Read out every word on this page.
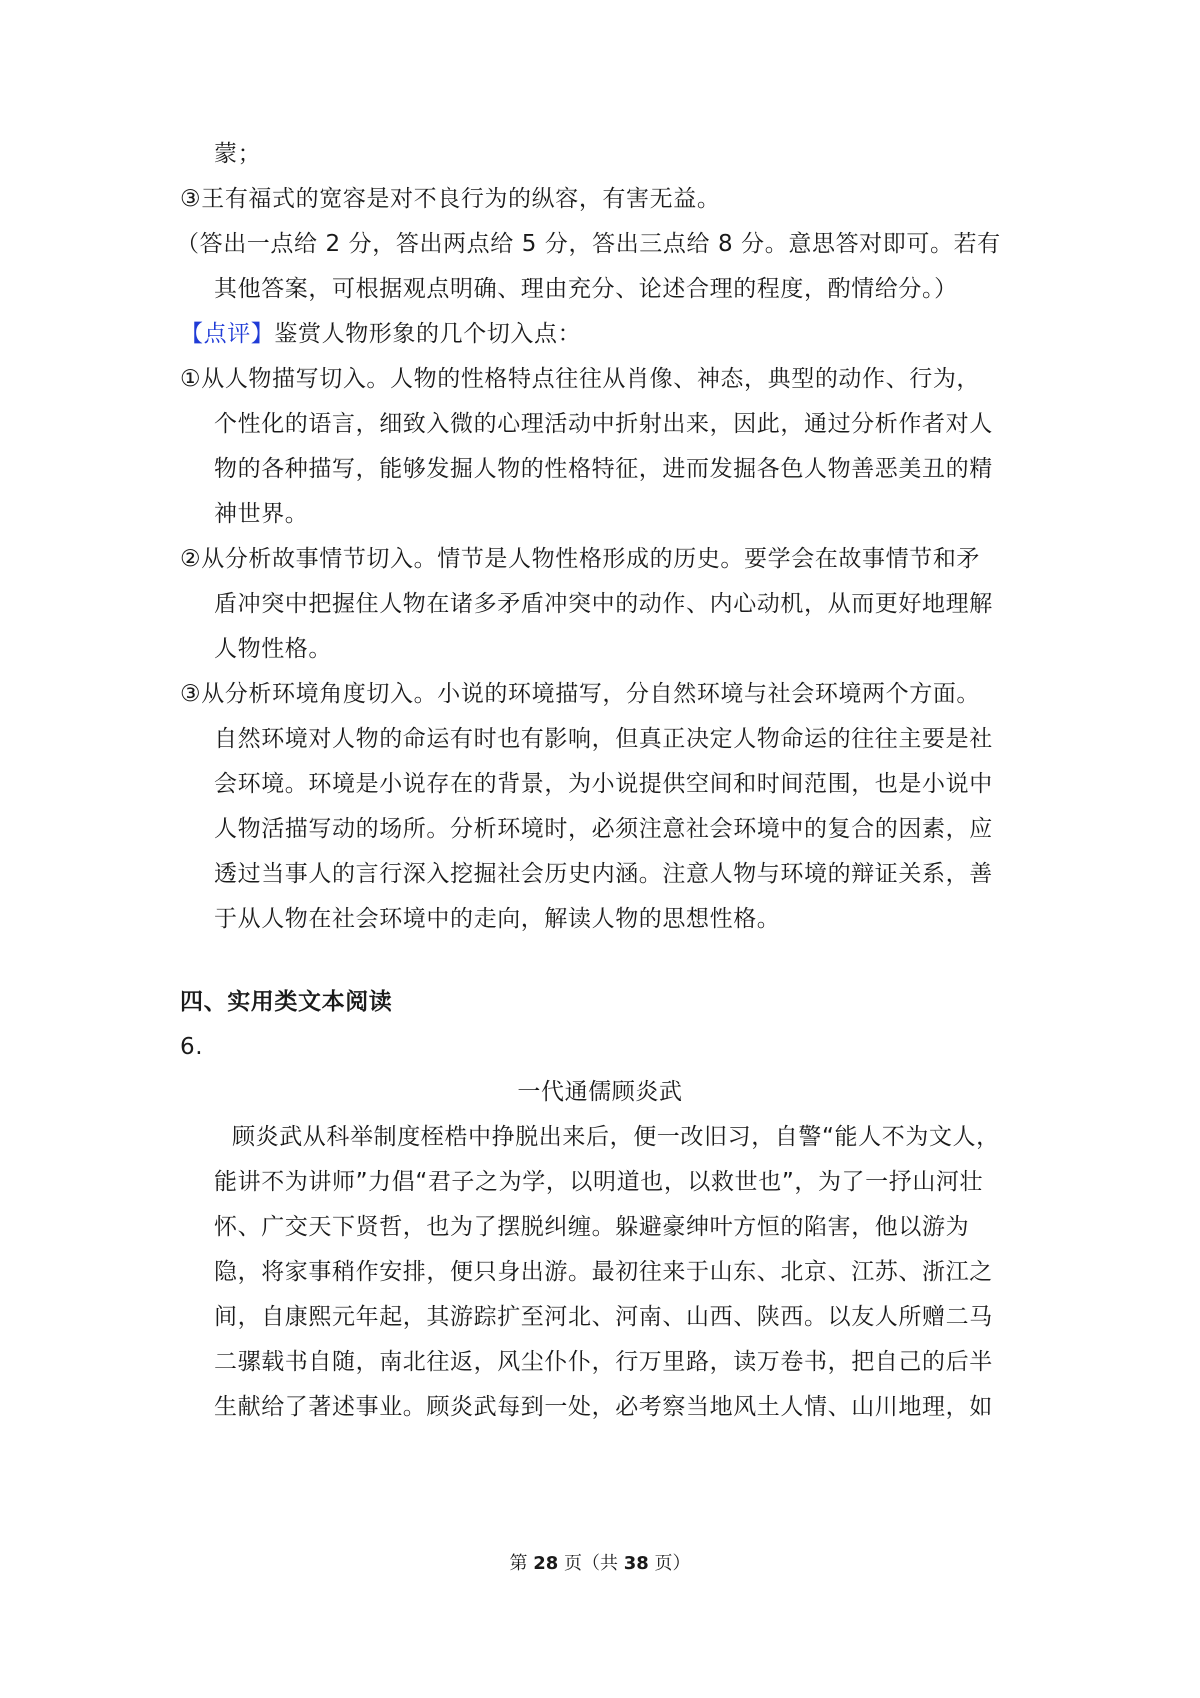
蒙；
③王有福式的宽容是对不良行为的纵容，有害无益。
（答出一点给 2 分，答出两点给 5 分，答出三点给 8 分。意思答对即可。若有
其他答案，可根据观点明确、理由充分、论述合理的程度，酌情给分。）
【点评】鉴赏人物形象的几个切入点：
①从人物描写切入。人物的性格特点往往从肖像、神态，典型的动作、行为，
个性化的语言，细致入微的心理活动中折射出来，因此，通过分析作者对人
物的各种描写，能够发掘人物的性格特征，进而发掘各色人物善恶美丑的精
神世界。
②从分析故事情节切入。情节是人物性格形成的历史。要学会在故事情节和矛
盾冲突中把握住人物在诸多矛盾冲突中的动作、内心动机，从而更好地理解
人物性格。
③从分析环境角度切入。小说的环境描写，分自然环境与社会环境两个方面。
自然环境对人物的命运有时也有影响，但真正决定人物命运的往往主要是社
会环境。环境是小说存在的背景，为小说提供空间和时间范围，也是小说中
人物活描写动的场所。分析环境时，必须注意社会环境中的复合的因素，应
透过当事人的言行深入挖掘社会历史内涵。注意人物与环境的辩证关系，善
于从人物在社会环境中的走向，解读人物的思想性格。
四、实用类文本阅读
6.
一代通儒顾炎武
顾炎武从科举制度桎梏中挣脱出来后，便一改旧习，自警“能人不为文人，
能讲不为讲师”力倡“君子之为学，以明道也，以救世也”，为了一抒山河壮
怀、广交天下贤哲，也为了摆脱纠缠。躲避豪绅叶方恒的陷害，他以游为
隐，将家事稍作安排，便只身出游。最初往来于山东、北京、江苏、浙江之
间，自康熙元年起，其游踪扩至河北、河南、山西、陕西。以友人所赠二马
二骡载书自随，南北往返，风尘仆仆，行万里路，读万卷书，把自己的后半
生献给了著述事业。顾炎武每到一处，必考察当地风土人情、山川地理，如
第 28 页（共 38 页）
